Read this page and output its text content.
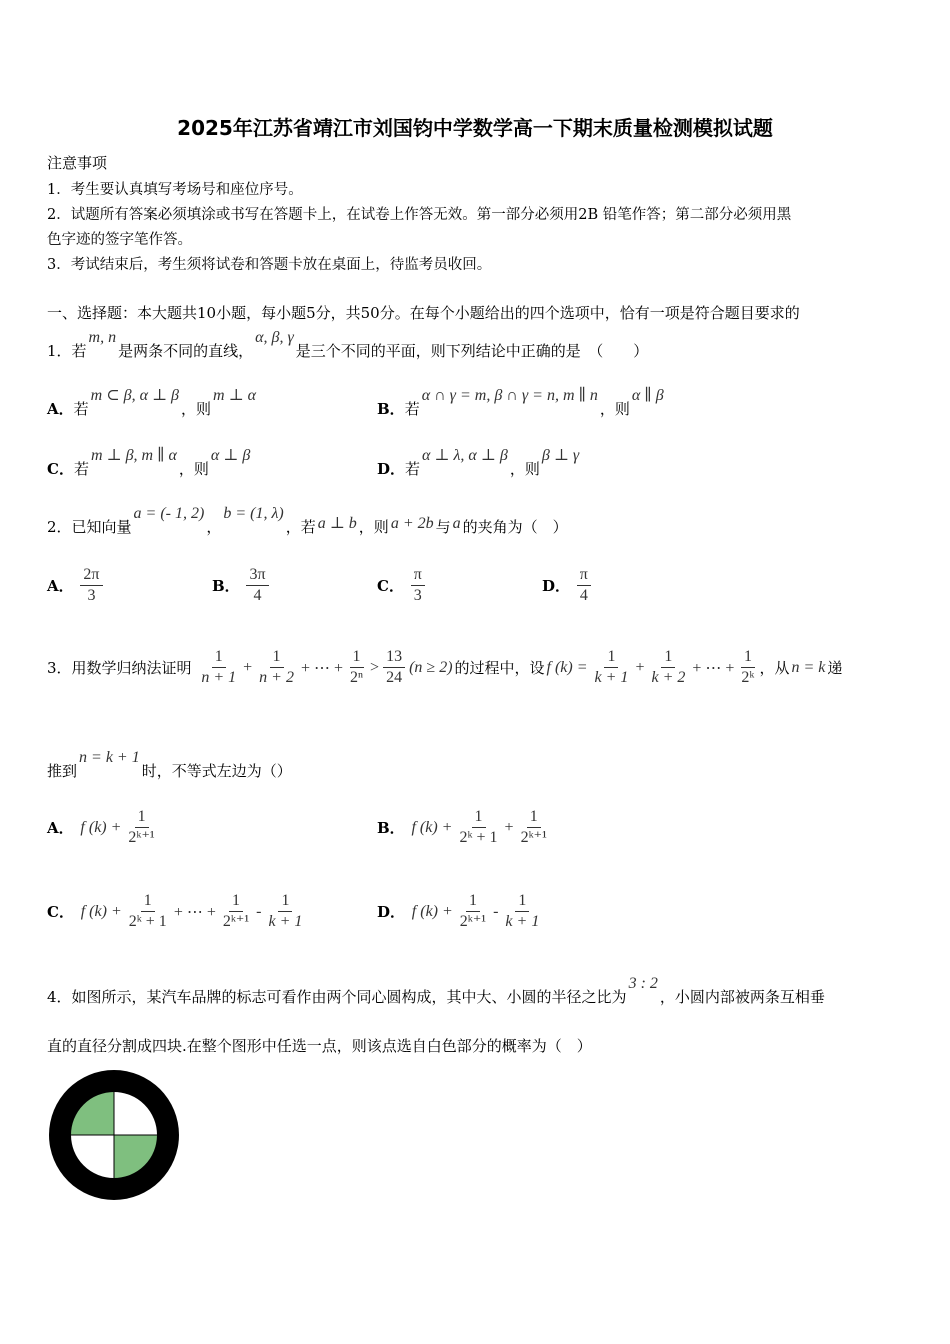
2025年江苏省靖江市刘国钧中学数学高一下期末质量检测模拟试题
注意事项
1．考生要认真填写考场号和座位序号。
2．试题所有答案必须填涂或书写在答题卡上，在试卷上作答无效。第一部分必须用2B 铅笔作答；第二部分必须用黑
色字迹的签字笔作答。
3．考试结束后，考生须将试卷和答题卡放在桌面上，待监考员收回。
一、选择题：本大题共10小题，每小题5分，共50分。在每个小题给出的四个选项中，恰有一项是符合题目要求的
1．若m, n是两条不同的直线，α, β, γ是三个不同的平面，则下列结论中正确的是　（　　）
A．若m ⊂ β, α ⊥ β，则m ⊥ α
B．若α ∩ γ = m, β ∩ γ = n, m ∥ n，则α ∥ β
C．若m ⊥ β, m ∥ α，则α ⊥ β
D．若α ⊥ λ, α ⊥ β，则β ⊥ γ
2．已知向量a = (- 1, 2)，b = (1, λ)，若 a ⊥ b ，则 a + 2b 与 a 的夹角为（　）
A． $\frac{2\pi}{3}$	B． $\frac{3\pi}{4}$	C． $\frac{\pi}{3}$	D． $\frac{\pi}{4}$
3．用数学归纳法证明 $\frac{1}{n + 1} + \frac{1}{n + 2}$ + ⋯ + $\frac{1}{\text{2ⁿ}} > \frac{13}{24} (n \ge 2)$ 的过程中，设 f $(k) = \frac{1}{k + 1} + \frac{1}{k + 2}$ + ⋯ + $\frac{1}{\text{2ᵏ}}$ ，从 n = k 递
推到n = k + 1时，不等式左边为（）
A． f $(k) + \frac{1}{\text{2ᵏ⁺¹}}$	B． f $(k) + \frac{1}{\text{2ᵏ + 1}} + \frac{1}{\text{2ᵏ⁺¹}}$
C． f $(k) + \frac{1}{\text{2ᵏ + 1}}$ + ⋯ + $\frac{1}{\text{2ᵏ⁺¹}} - \frac{1}{k + 1}$	D． f $(k) + \frac{1}{\text{2ᵏ⁺¹}} - \frac{1}{k + 1}$
4．如图所示，某汽车品牌的标志可看作由两个同心圆构成，其中大、小圆的半径之比为3 : 2，小圆内部被两条互相垂
直的直径分割成四块.在整个图形中任选一点，则该点选自白色部分的概率为（　）
